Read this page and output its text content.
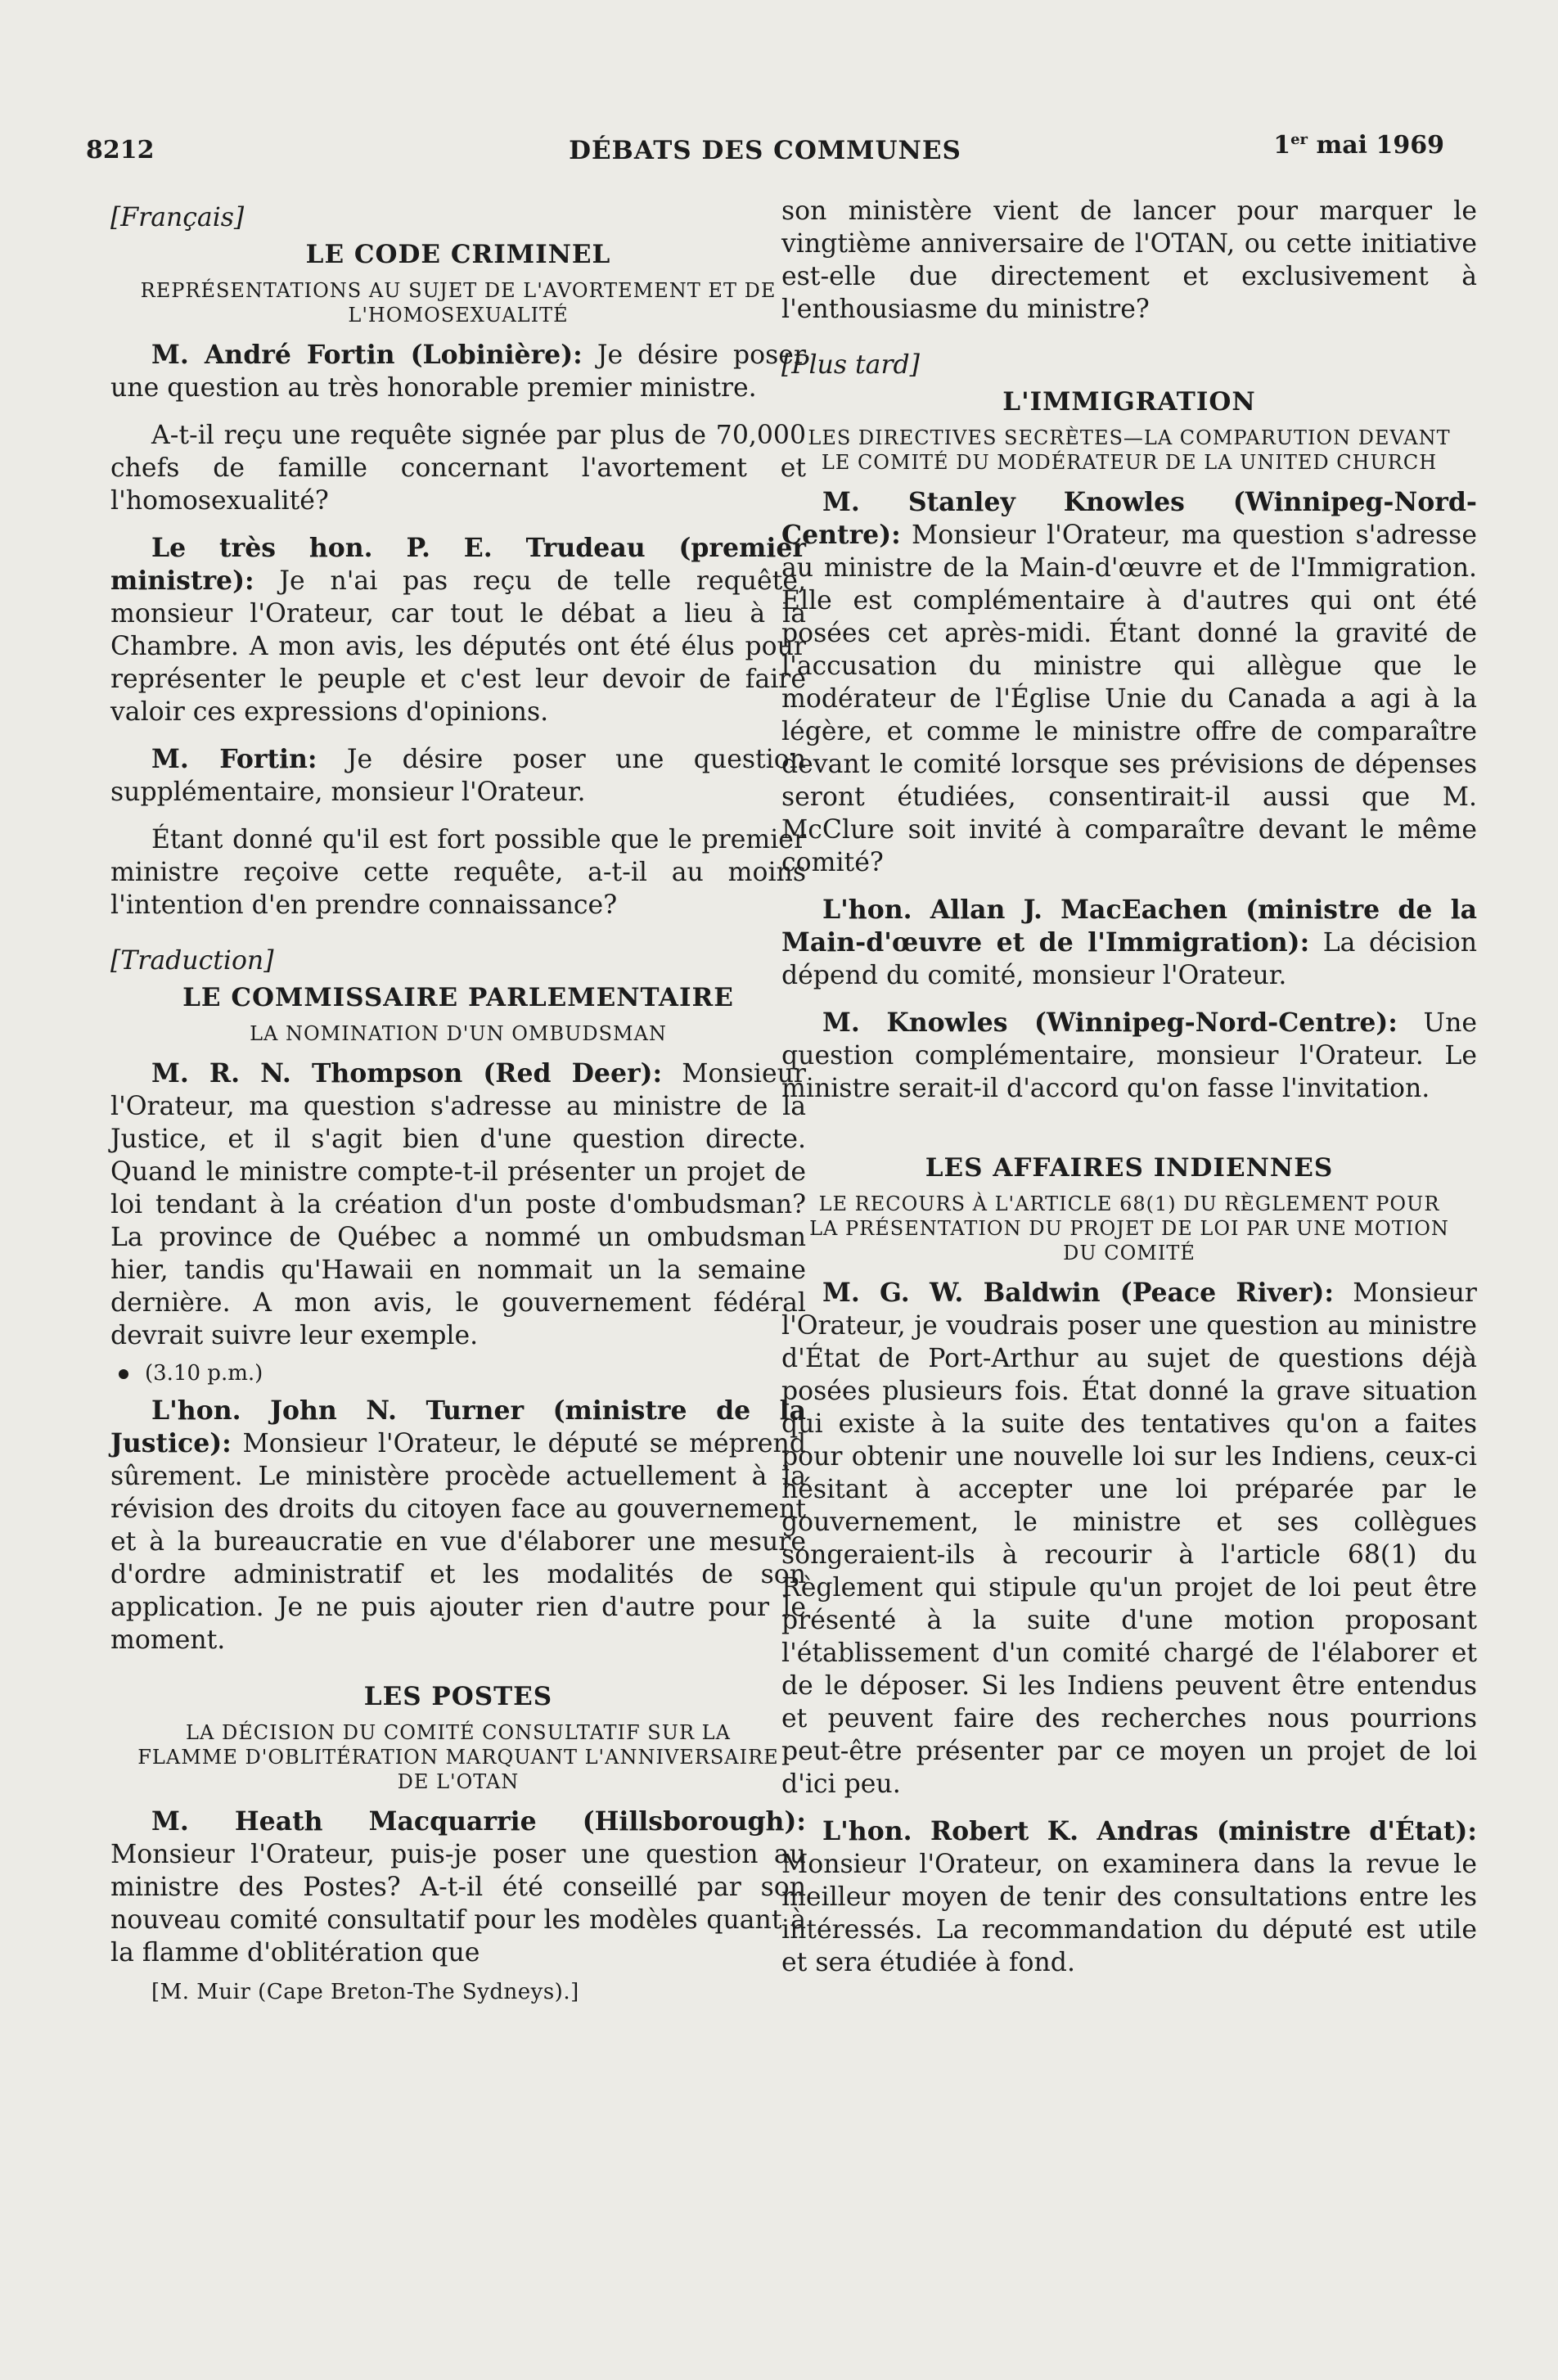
8212	DÉBATS DES COMMUNES	1er mai 1969
[Français]
LE CODE CRIMINEL
REPRÉSENTATIONS AU SUJET DE L'AVORTEMENT ET DE L'HOMOSEXUALITÉ

M. André Fortin (Lobinière): Je désire poser une question au très honorable premier ministre.

A-t-il reçu une requête signée par plus de 70,000 chefs de famille concernant l'avortement et l'homosexualité?

Le très hon. P. E. Trudeau (premier ministre): Je n'ai pas reçu de telle requête, monsieur l'Orateur, car tout le débat a lieu à la Chambre. A mon avis, les députés ont été élus pour représenter le peuple et c'est leur devoir de faire valoir ces expressions d'opinions.

M. Fortin: Je désire poser une question supplémentaire, monsieur l'Orateur.

Étant donné qu'il est fort possible que le premier ministre reçoive cette requête, a-t-il au moins l'intention d'en prendre connaissance?

[Traduction]
LE COMMISSAIRE PARLEMENTAIRE
LA NOMINATION D'UN OMBUDSMAN

M. R. N. Thompson (Red Deer): Monsieur l'Orateur, ma question s'adresse au ministre de la Justice, et il s'agit bien d'une question directe. Quand le ministre compte-t-il présenter un projet de loi tendant à la création d'un poste d'ombudsman? La province de Québec a nommé un ombudsman hier, tandis qu'Hawaii en nommait un la semaine dernière. A mon avis, le gouvernement fédéral devrait suivre leur exemple.

(3.10 p.m.)

L'hon. John N. Turner (ministre de la Justice): Monsieur l'Orateur, le député se méprend sûrement. Le ministère procède actuellement à la révision des droits du citoyen face au gouvernement et à la bureaucratie en vue d'élaborer une mesure d'ordre administratif et les modalités de son application. Je ne puis ajouter rien d'autre pour le moment.

LES POSTES
LA DÉCISION DU COMITÉ CONSULTATIF SUR LA FLAMME D'OBLITÉRATION MARQUANT L'ANNIVERSAIRE DE L'OTAN

M. Heath Macquarrie (Hillsborough): Monsieur l'Orateur, puis-je poser une question au ministre des Postes? A-t-il été conseillé par son nouveau comité consultatif pour les modèles quant à la flamme d'oblitération que

[M. Muir (Cape Breton-The Sydneys).]

son ministère vient de lancer pour marquer le vingtième anniversaire de l'OTAN, ou cette initiative est-elle due directement et exclusivement à l'enthousiasme du ministre?

[Plus tard]
L'IMMIGRATION
LES DIRECTIVES SECRÈTES—LA COMPARUTION DEVANT LE COMITÉ DU MODÉRATEUR DE LA UNITED CHURCH

M. Stanley Knowles (Winnipeg-Nord-Centre): Monsieur l'Orateur, ma question s'adresse au ministre de la Main-d'œuvre et de l'Immigration. Elle est complémentaire à d'autres qui ont été posées cet après-midi. Étant donné la gravité de l'accusation du ministre qui allègue que le modérateur de l'Église Unie du Canada a agi à la légère, et comme le ministre offre de comparaître devant le comité lorsque ses prévisions de dépenses seront étudiées, consentirait-il aussi que M. McClure soit invité à comparaître devant le même comité?

L'hon. Allan J. MacEachen (ministre de la Main-d'œuvre et de l'Immigration): La décision dépend du comité, monsieur l'Orateur.

M. Knowles (Winnipeg-Nord-Centre): Une question complémentaire, monsieur l'Orateur. Le ministre serait-il d'accord qu'on fasse l'invitation.

LES AFFAIRES INDIENNES
LE RECOURS À L'ARTICLE 68(1) DU RÈGLEMENT POUR LA PRÉSENTATION DU PROJET DE LOI PAR UNE MOTION DU COMITÉ

M. G. W. Baldwin (Peace River): Monsieur l'Orateur, je voudrais poser une question au ministre d'État de Port-Arthur au sujet de questions déjà posées plusieurs fois. État donné la grave situation qui existe à la suite des tentatives qu'on a faites pour obtenir une nouvelle loi sur les Indiens, ceux-ci hésitant à accepter une loi préparée par le gouvernement, le ministre et ses collègues songeraient-ils à recourir à l'article 68(1) du Règlement qui stipule qu'un projet de loi peut être présenté à la suite d'une motion proposant l'établissement d'un comité chargé de l'élaborer et de le déposer. Si les Indiens peuvent être entendus et peuvent faire des recherches nous pourrions peut-être présenter par ce moyen un projet de loi d'ici peu.

L'hon. Robert K. Andras (ministre d'État): Monsieur l'Orateur, on examinera dans la revue le meilleur moyen de tenir des consultations entre les intéressés. La recommandation du député est utile et sera étudiée à fond.
